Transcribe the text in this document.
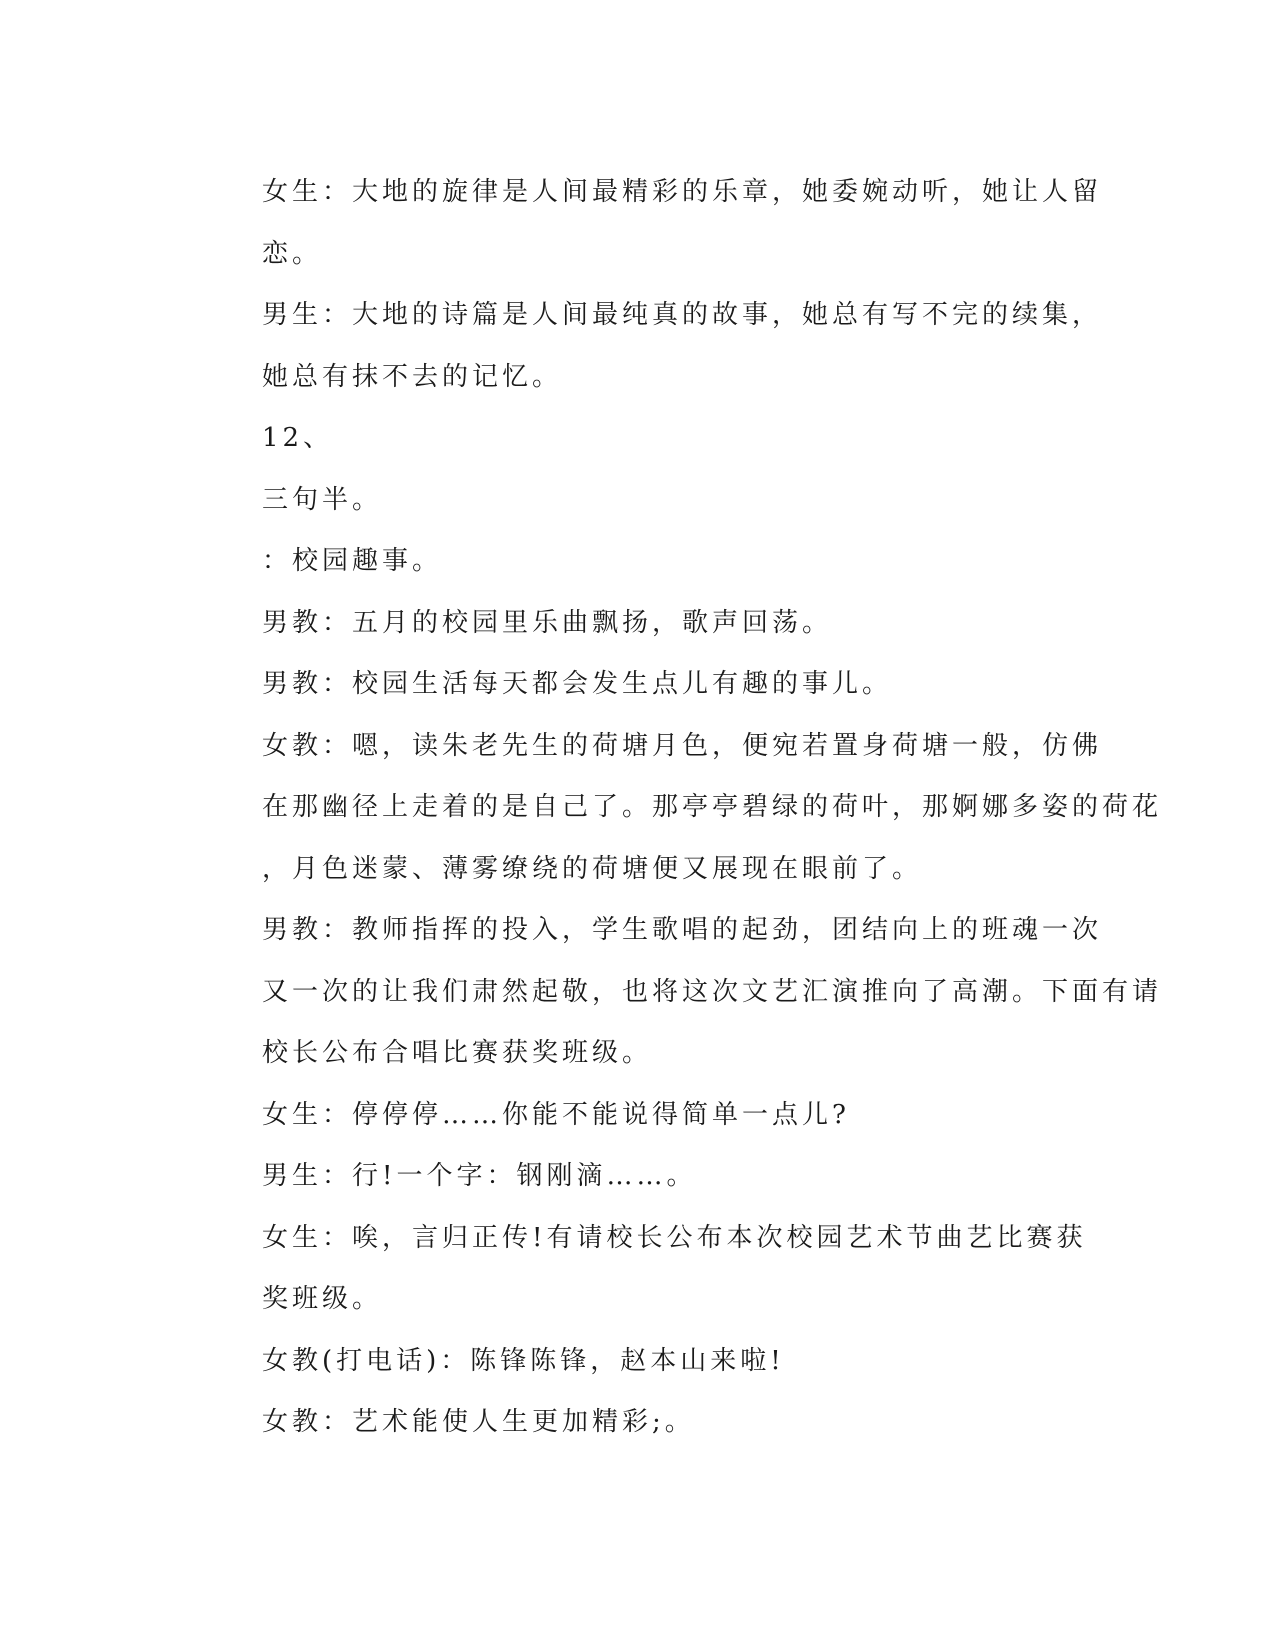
女生：大地的旋律是人间最精彩的乐章，她委婉动听，她让人留
恋。

男生：大地的诗篇是人间最纯真的故事，她总有写不完的续集，
她总有抹不去的记忆。

12、

三句半。

：校园趣事。

男教：五月的校园里乐曲飘扬，歌声回荡。

男教：校园生活每天都会发生点儿有趣的事儿。

女教：嗯，读朱老先生的荷塘月色，便宛若置身荷塘一般，仿佛
在那幽径上走着的是自己了。那亭亭碧绿的荷叶，那婀娜多姿的荷花
，月色迷蒙、薄雾缭绕的荷塘便又展现在眼前了。

男教：教师指挥的投入，学生歌唱的起劲，团结向上的班魂一次
又一次的让我们肃然起敬，也将这次文艺汇演推向了高潮。下面有请
校长公布合唱比赛获奖班级。

女生：停停停……你能不能说得简单一点儿?

男生：行!一个字：钢刚滴……。

女生：唉，言归正传!有请校长公布本次校园艺术节曲艺比赛获
奖班级。

女教(打电话)：陈锋陈锋，赵本山来啦!

女教：艺术能使人生更加精彩;。
